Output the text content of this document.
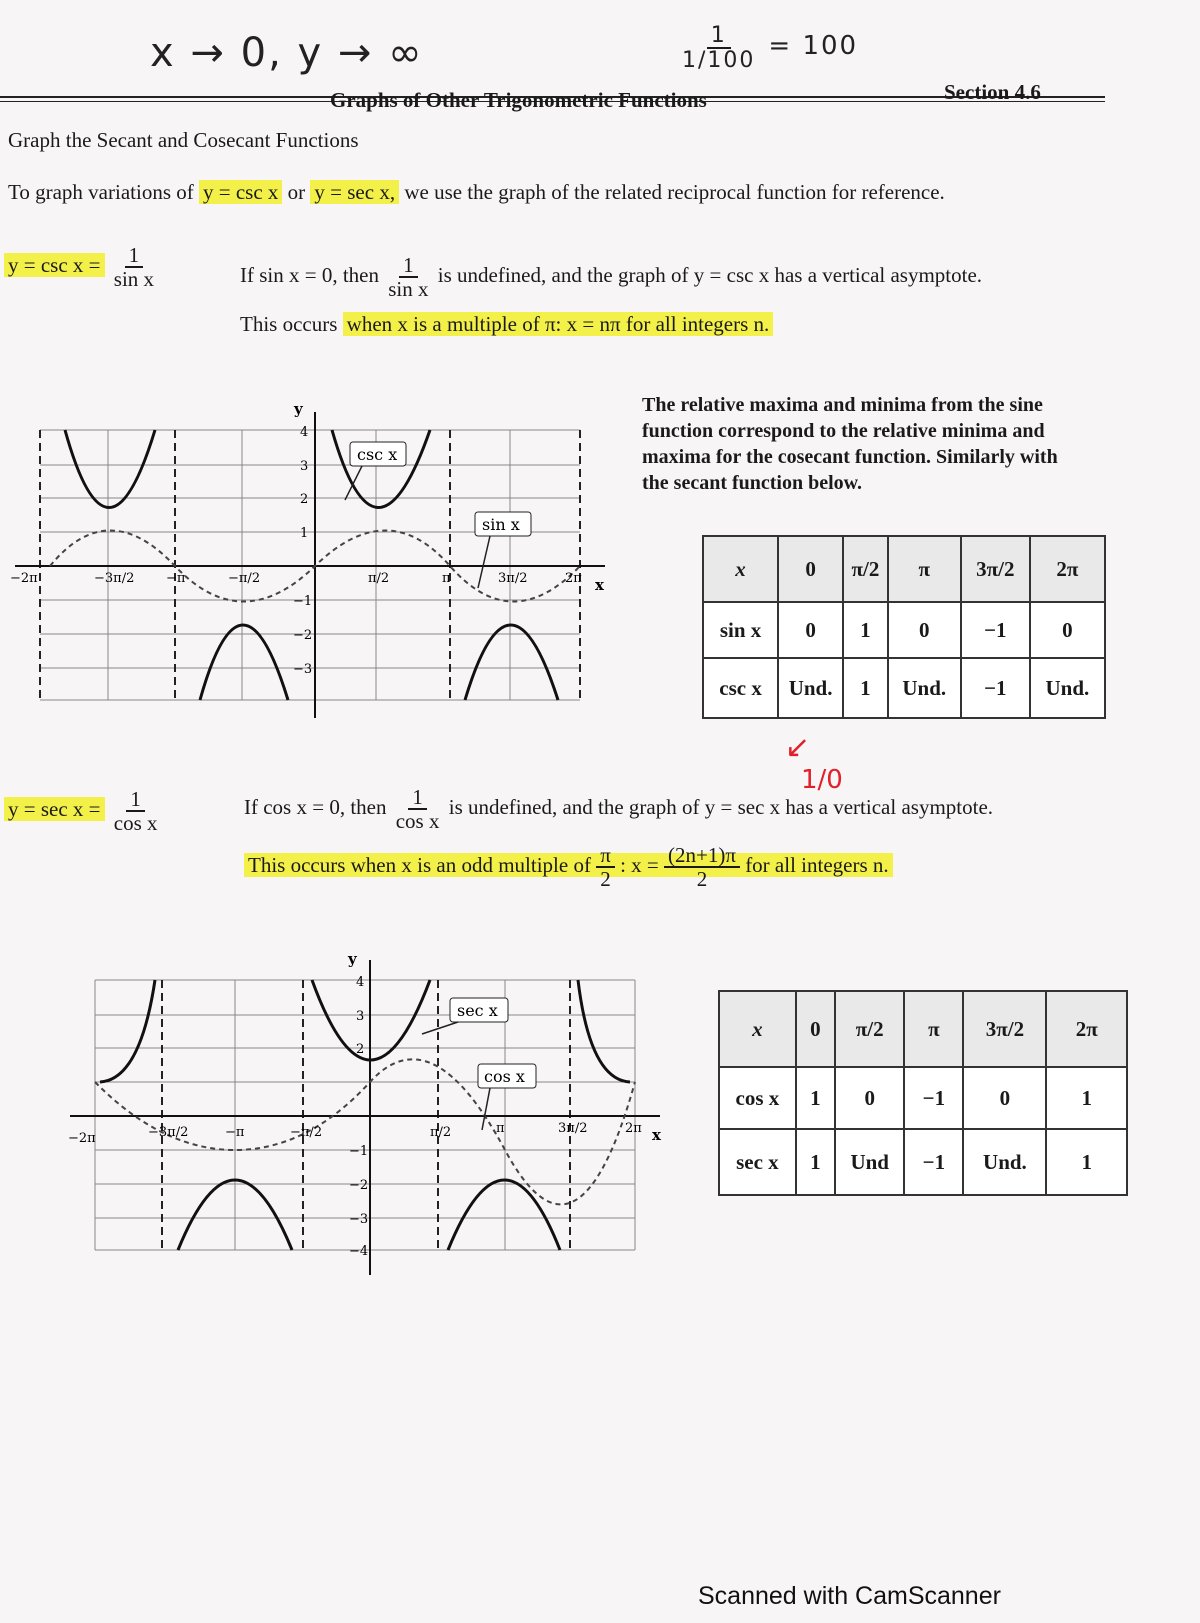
x → 0, y → ∞	$\frac{1}{1/100} = 100$
Graphs of Other Trigonometric Functions	Section 4.6
Graph the Secant and Cosecant Functions
To graph variations of y = csc x or y = sec x, we use the graph of the related reciprocal function for reference.
$y = \csc x = \frac{1}{\text{sin x}}$	If sin x = 0, then $\frac{1}{\text{sin x}}$ is undefined, and the graph of y = csc x has a vertical asymptote.
This occurs when x is a multiple of π: x = nπ for all integers n.
y
x
−2π	−3π/2 −π	−π/2	π/2	π	3π/2	2π
4
3
2
1
−1
−2
−3
csc x
sin x
The relative maxima and minima from the sine function correspond to the relative minima and maxima for the cosecant function. Similarly with the secant function below.
x	0	π/2	π	3π/2	2π
sin x	0	1	0	−1	0
csc x	Und.	1	Und.	−1	Und.
↙
1/0
$y = \sec x = \frac{1}{\text{cos x}}$	If cos x = 0, then $\frac{1}{\text{cos x}}$ is undefined, and the graph of y = sec x has a vertical asymptote.
This occurs when x is an odd multiple of $\frac{\pi}{2}$ : $x = \frac{(2n+1)\pi}{2}$ for all integers n.
y
x
−2π	−3π/2	−π	−π/2	π/2	π	3π/2	2π
4
3
2
−1
−2
−3
−4
sec x
cos x
x	0	π/2	π	3π/2	2π
cos x	1	0	−1	0	1
sec x	1	Und	−1	Und.	1
Scanned with CamScanner
